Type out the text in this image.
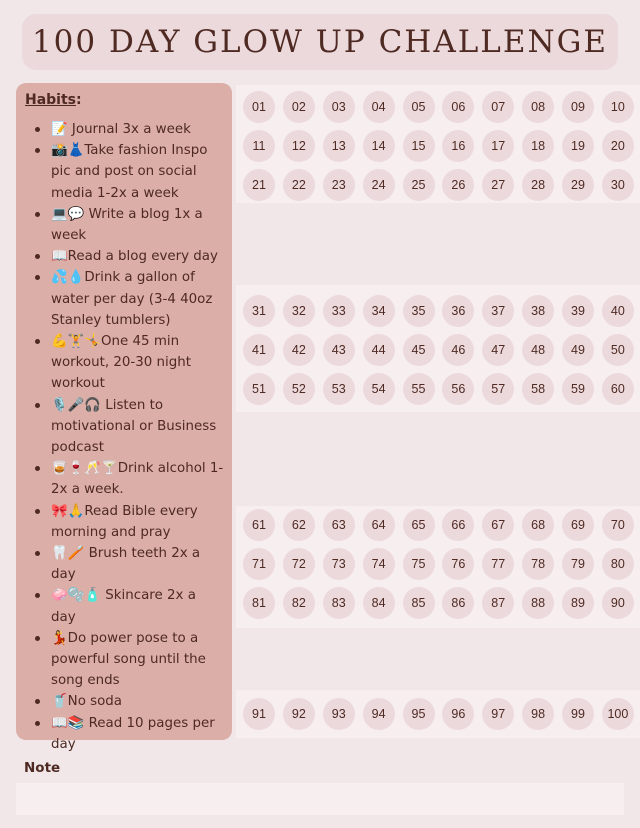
100 DAY GLOW UP CHALLENGE

Habits:

📝 Journal 3x a week
📸👗Take fashion Inspo pic and post on social media 1-2x a week
💻💬 Write a blog 1x a week
📖Read a blog every day
💦💧Drink a gallon of water per day (3-4 40oz Stanley tumblers)
💪🏋️🤸One 45 min workout, 20-30 night workout
🎙️🎤🎧 Listen to motivational or Business podcast
🥃🍷🥂🍸Drink alcohol 1-2x a week.
🎀🙏Read Bible every morning and pray
🦷🪥 Brush teeth 2x a day
🧼🫧🧴 Skincare 2x a day
💃Do power pose to a powerful song until the song ends
🥤No soda
📖📚 Read 10 pages per day
01	02	03	04	05	06	07	08	09	10
11	12	13	14	15	16	17	18	19	20
21	22	23	24	25	26	27	28	29	30
31	32	33	34	35	36	37	38	39	40
41	42	43	44	45	46	47	48	49	50
51	52	53	54	55	56	57	58	59	60
61	62	63	64	65	66	67	68	69	70
71	72	73	74	75	76	77	78	79	80
81	82	83	84	85	86	87	88	89	90
91	92	93	94	95	96	97	98	99	100

Note
